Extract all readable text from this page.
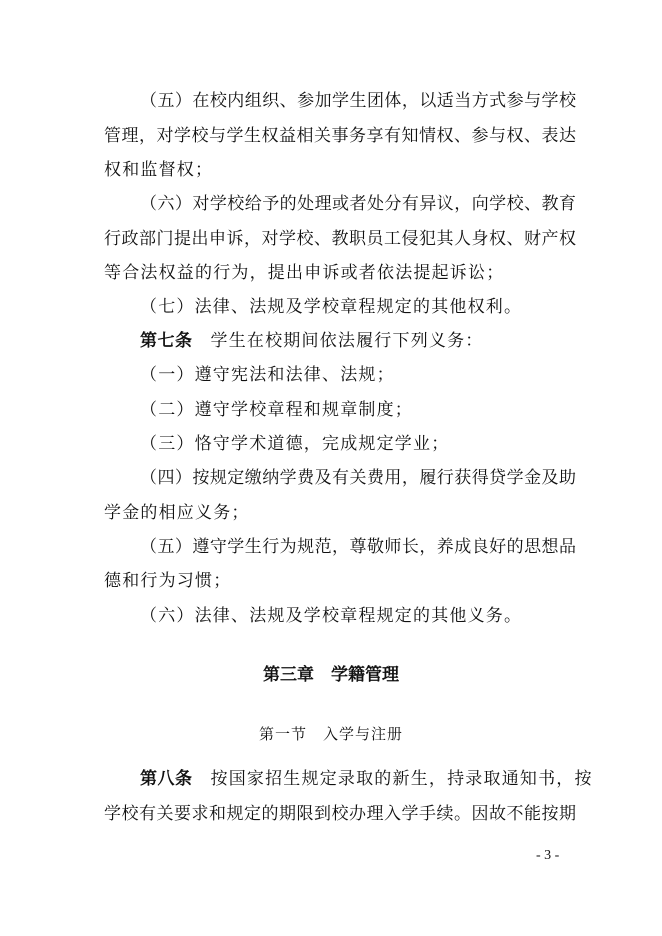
（五）在校内组织、参加学生团体，以适当方式参与学校
管理，对学校与学生权益相关事务享有知情权、参与权、表达
权和监督权；
（六）对学校给予的处理或者处分有异议，向学校、教育
行政部门提出申诉，对学校、教职员工侵犯其人身权、财产权
等合法权益的行为，提出申诉或者依法提起诉讼；
（七）法律、法规及学校章程规定的其他权利。
第七条 学生在校期间依法履行下列义务：
（一）遵守宪法和法律、法规；
（二）遵守学校章程和规章制度；
（三）恪守学术道德，完成规定学业；
（四）按规定缴纳学费及有关费用，履行获得贷学金及助
学金的相应义务；
（五）遵守学生行为规范，尊敬师长，养成良好的思想品
德和行为习惯；
（六）法律、法规及学校章程规定的其他义务。
第三章　学籍管理
第一节　入学与注册
第八条 按国家招生规定录取的新生，持录取通知书，按
学校有关要求和规定的期限到校办理入学手续。因故不能按期
- 3 -
